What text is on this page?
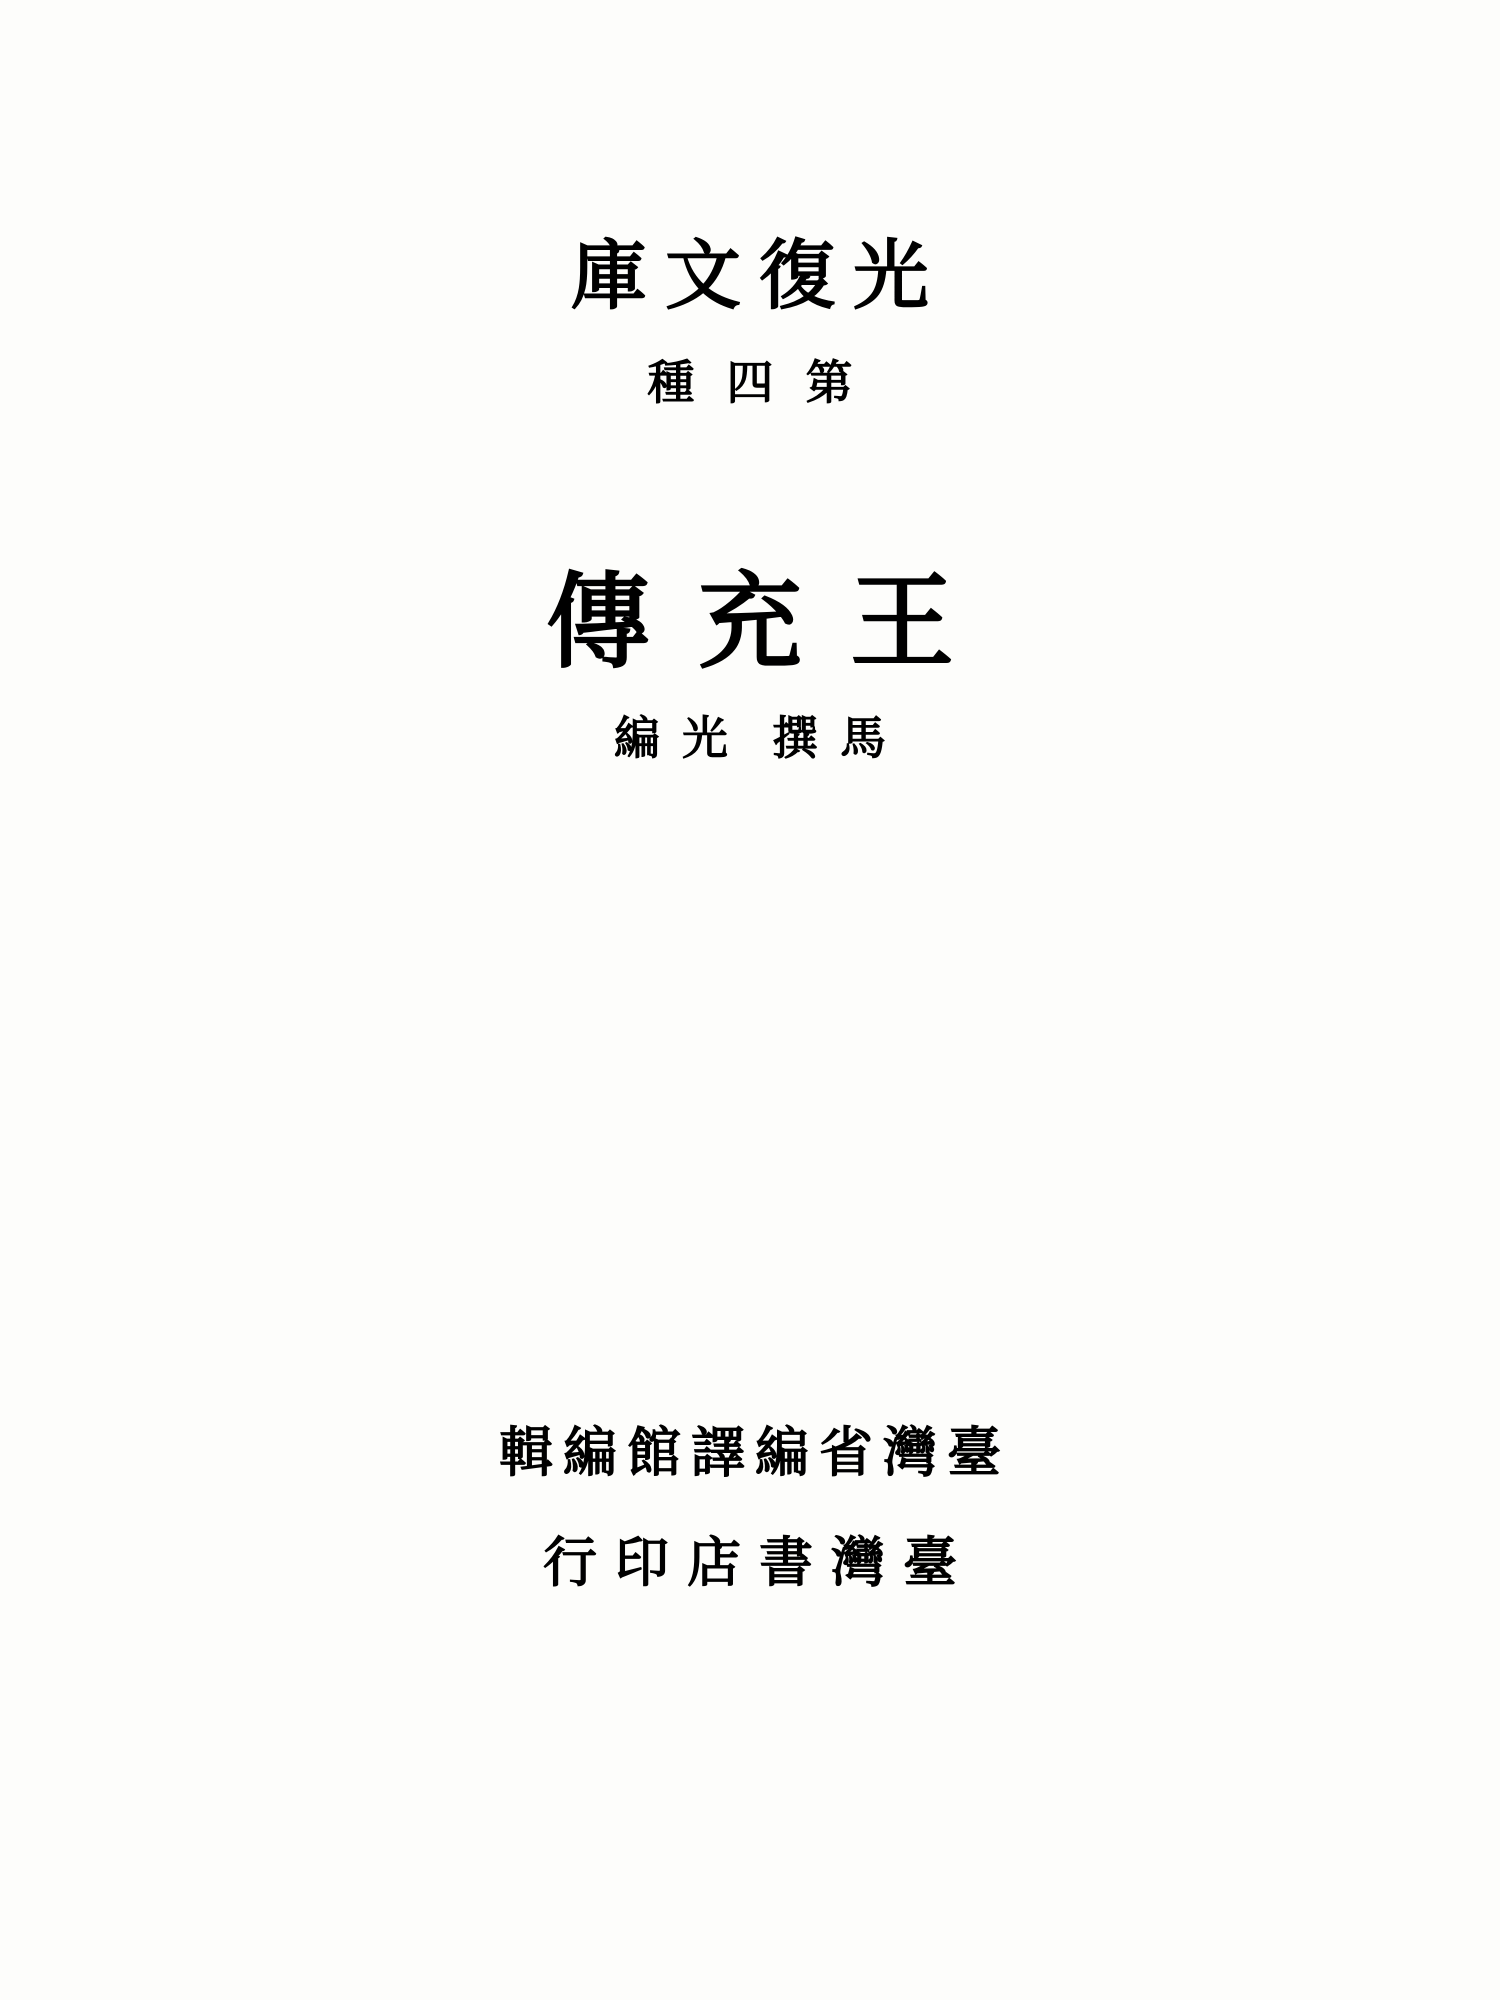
光
復
文
庫
第
四
種
王
充
傳
馬
撰
光
編
臺
灣
省
編
譯
館
編
輯
臺
灣
書
店
印
行
